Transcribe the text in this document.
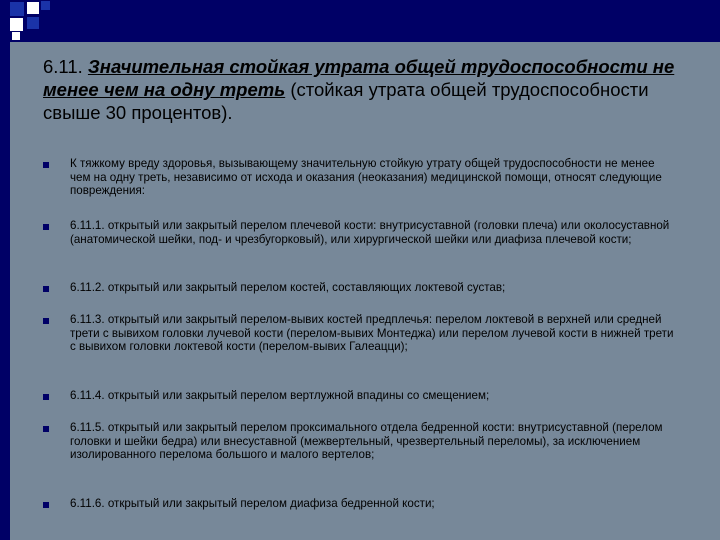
6.11. Значительная стойкая утрата общей трудоспособности не менее чем на одну треть (стойкая утрата общей трудоспособности свыше 30 процентов).
К тяжкому вреду здоровья, вызывающему значительную стойкую утрату общей трудоспособности не менее чем на одну треть, независимо от исхода и оказания (неоказания) медицинской помощи, относят следующие повреждения:
6.11.1. открытый или закрытый перелом плечевой кости: внутрисуставной (головки плеча) или околосуставной (анатомической шейки, под- и чрезбугорковый), или хирургической шейки или диафиза плечевой кости;
6.11.2. открытый или закрытый перелом костей, составляющих локтевой сустав;
6.11.3. открытый или закрытый перелом-вывих костей предплечья: перелом локтевой в верхней или средней трети с вывихом головки лучевой кости (перелом-вывих Монтеджа) или перелом лучевой кости в нижней трети с вывихом головки локтевой кости (перелом-вывих Галеацци);
6.11.4. открытый или закрытый перелом вертлужной впадины со смещением;
6.11.5. открытый или закрытый перелом проксимального отдела бедренной кости: внутрисуставной (перелом головки и шейки бедра) или внесуставной (межвертельный, чрезвертельный переломы), за исключением изолированного перелома большого и малого вертелов;
6.11.6. открытый или закрытый перелом диафиза бедренной кости;
